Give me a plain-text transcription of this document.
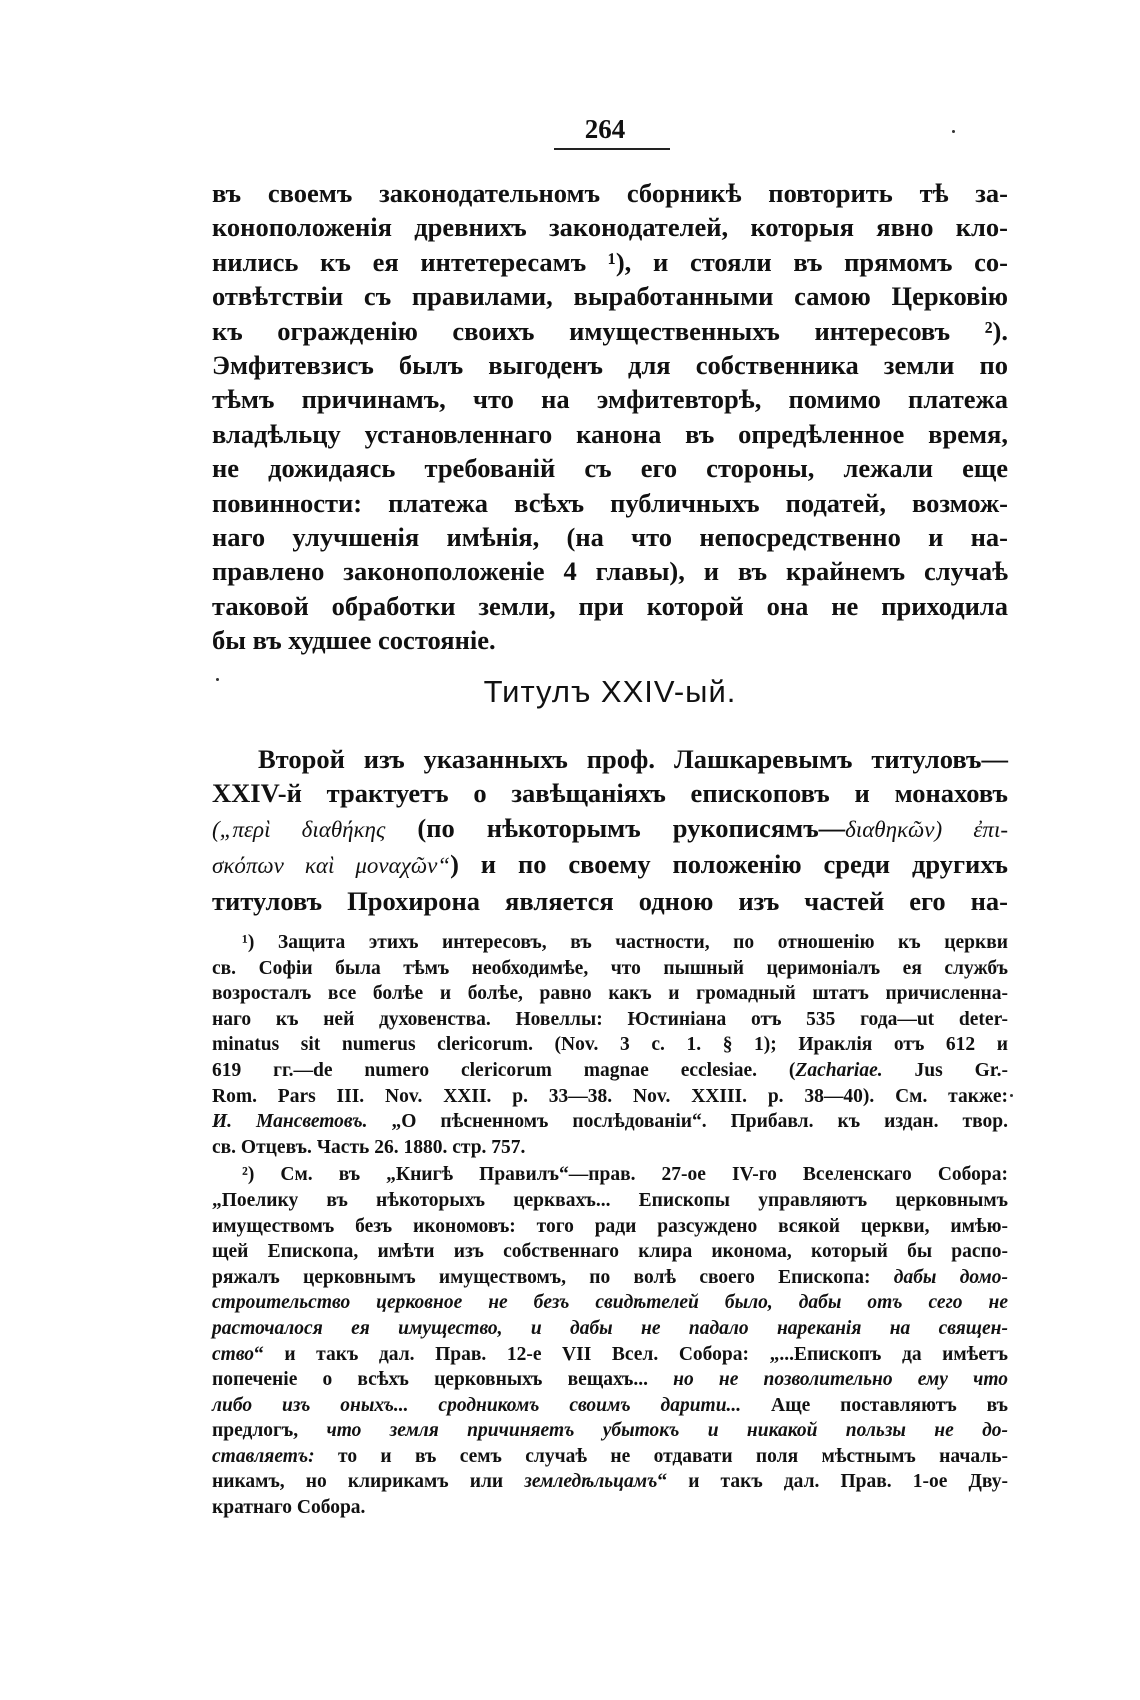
264
въ своемъ законодательномъ сборникѣ повторить тѣ за-
коноположенія древнихъ законодателей, которыя явно кло-
нились къ ея интетересамъ ¹), и стояли въ прямомъ со-
отвѣтствіи съ правилами, выработанными самою Церковію
къ огражденію своихъ имущественныхъ интересовъ ²).
Эмфитевзисъ былъ выгоденъ для собственника земли по
тѣмъ причинамъ, что на эмфитевторѣ, помимо платежа
владѣльцу установленнаго канона въ опредѣленное время,
не дожидаясь требованій съ его стороны, лежали еще
повинности: платежа всѣхъ публичныхъ податей, возмож-
наго улучшенія имѣнія, (на что непосредственно и на-
правлено законоположеніе 4 главы), и въ крайнемъ случаѣ
таковой обработки земли, при которой она не приходила
бы въ худшее состояніе.
Титулъ XXIV-ый.
Второй изъ указанныхъ проф. Лашкаревымъ титуловъ—
XXIV-й трактуетъ о завѣщаніяхъ епископовъ и монаховъ
(„περὶ διαθήκης (по нѣкоторымъ рукописямъ—διαθηκῶν) ἐπι-
σκόπων καὶ μοναχῶν“) и по своему положенію среди другихъ
титуловъ Прохирона является одною изъ частей его на-
¹) Защита этихъ интересовъ, въ частности, по отношенію къ церкви
св. Софіи была тѣмъ необходимѣе, что пышный церимоніалъ ея службъ
возросталъ все болѣе и болѣе, равно какъ и громадный штатъ причисленна-
наго къ ней духовенства. Новеллы: Юстиніана отъ 535 года—ut deter-
minatus sit numerus clericorum. (Nov. 3 c. 1. § 1); Ираклія отъ 612 и
619 гг.—de numero clericorum magnae ecclesiae. (Zachariae. Jus Gr.-
Rom. Pars III. Nov. XXII. p. 33—38. Nov. XXIII. p. 38—40). См. также:
И. Мансветовъ. „О пѣсненномъ послѣдованіи“. Прибавл. къ издан. твор.
св. Отцевъ. Часть 26. 1880. стр. 757.
²) См. въ „Книгѣ Правилъ“—прав. 27-ое IV-го Вселенскаго Собора:
„Поелику въ нѣкоторыхъ церквахъ... Епископы управляютъ церковнымъ
имуществомъ безъ икономовъ: того ради разсуждено всякой церкви, имѣю-
щей Епископа, имѣти изъ собственнаго клира иконома, который бы распо-
ряжалъ церковнымъ имуществомъ, по волѣ своего Епископа: дабы домо-
строительство церковное не безъ свидѣтелей было, дабы отъ сего не
расточалося ея имущество, и дабы не падало нареканія на священ-
ство“ и такъ дал. Прав. 12-е VII Всел. Собора: „...Епископъ да имѣетъ
попеченіе о всѣхъ церковныхъ вещахъ... но не позволительно ему что
либо изъ оныхъ... сродникомъ своимъ дарити... Аще поставляютъ въ
предлогъ, что земля причиняетъ убытокъ и никакой пользы не до-
ставляетъ: то и въ семъ случаѣ не отдавати поля мѣстнымъ началь-
никамъ, но клирикамъ или земледѣльцамъ“ и такъ дал. Прав. 1-ое Дву-
кратнаго Собора.
